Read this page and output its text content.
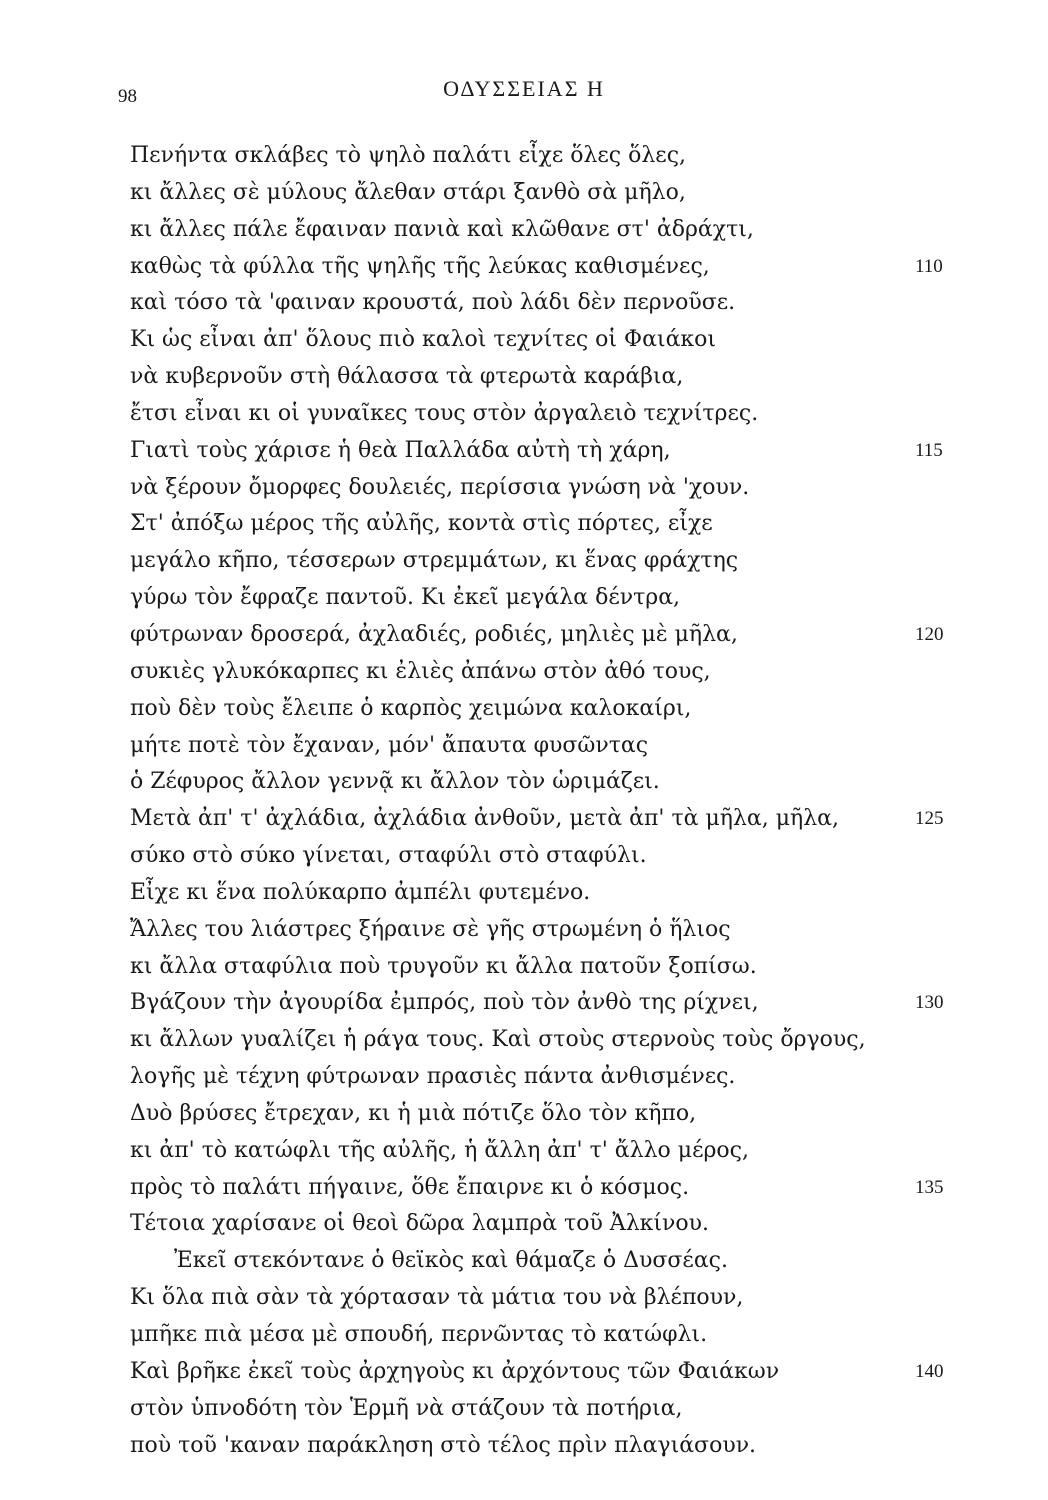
98	ΟΔΥΣΣΕΙΑΣ Η
Πενήντα σκλάβες τὸ ψηλὸ παλάτι εἶχε ὅλες ὅλες,
κι ἄλλες σὲ μύλους ἄλεθαν στάρι ξανθὸ σὰ μῆλο,
κι ἄλλες πάλε ἔφαιναν πανιὰ καὶ κλῶθανε στ' ἀδράχτι,
καθὼς τὰ φύλλα τῆς ψηλῆς τῆς λεύκας καθισμένες,	110
καὶ τόσο τὰ 'φαιναν κρουστά, ποὺ λάδι δὲν περνοῦσε.
Κι ὡς εἶναι ἀπ' ὅλους πιὸ καλοὶ τεχνίτες οἱ Φαιάκοι
νὰ κυβερνοῦν στὴ θάλασσα τὰ φτερωτὰ καράβια,
ἔτσι εἶναι κι οἱ γυναῖκες τους στὸν ἀργαλειὸ τεχνίτρες.
Γιατὶ τοὺς χάρισε ἡ θεὰ Παλλάδα αὐτὴ τὴ χάρη,	115
νὰ ξέρουν ὄμορφες δουλειές, περίσσια γνώση νὰ 'χουν.
Στ' ἀπόξω μέρος τῆς αὐλῆς, κοντὰ στὶς πόρτες, εἶχε
μεγάλο κῆπο, τέσσερων στρεμμάτων, κι ἕνας φράχτης
γύρω τὸν ἔφραζε παντοῦ. Κι ἐκεῖ μεγάλα δέντρα,
φύτρωναν δροσερά, ἀχλαδιές, ροδιές, μηλιὲς μὲ μῆλα,	120
συκιὲς γλυκόκαρπες κι ἐλιὲς ἀπάνω στὸν ἀθό τους,
ποὺ δὲν τοὺς ἔλειπε ὁ καρπὸς χειμώνα καλοκαίρι,
μήτε ποτὲ τὸν ἔχαναν, μόν' ἄπαυτα φυσῶντας
ὁ Ζέφυρος ἄλλον γεννᾷ κι ἄλλον τὸν ὡριμάζει.
Μετὰ ἀπ' τ' ἀχλάδια, ἀχλάδια ἀνθοῦν, μετὰ ἀπ' τὰ μῆλα, μῆλα,	125
σύκο στὸ σύκο γίνεται, σταφύλι στὸ σταφύλι.
Εἶχε κι ἕνα πολύκαρπο ἀμπέλι φυτεμένο.
Ἄλλες του λιάστρες ξήραινε σὲ γῆς στρωμένη ὁ ἥλιος
κι ἄλλα σταφύλια ποὺ τρυγοῦν κι ἄλλα πατοῦν ξοπίσω.
Βγάζουν τὴν ἀγουρίδα ἐμπρός, ποὺ τὸν ἀνθὸ της ρίχνει,	130
κι ἄλλων γυαλίζει ἡ ράγα τους. Καὶ στοὺς στερνοὺς τοὺς ὄργους,
λογῆς μὲ τέχνη φύτρωναν πρασιὲς πάντα ἀνθισμένες.
Δυὸ βρύσες ἔτρεχαν, κι ἡ μιὰ πότιζε ὅλο τὸν κῆπο,
κι ἀπ' τὸ κατώφλι τῆς αὐλῆς, ἡ ἄλλη ἀπ' τ' ἄλλο μέρος,
πρὸς τὸ παλάτι πήγαινε, ὅθε ἔπαιρνε κι ὁ κόσμος.	135
Τέτοια χαρίσανε οἱ θεοὶ δῶρα λαμπρὰ τοῦ Ἀλκίνου.
Ἐκεῖ στεκόντανε ὁ θεϊκὸς καὶ θάμαζε ὁ Δυσσέας.
Κι ὅλα πιὰ σὰν τὰ χόρτασαν τὰ μάτια του νὰ βλέπουν,
μπῆκε πιὰ μέσα μὲ σπουδή, περνῶντας τὸ κατώφλι.
Καὶ βρῆκε ἐκεῖ τοὺς ἀρχηγοὺς κι ἀρχόντους τῶν Φαιάκων	140
στὸν ὑπνοδότη τὸν Ἑρμῆ νὰ στάζουν τὰ ποτήρια,
ποὺ τοῦ 'καναν παράκληση στὸ τέλος πρὶν πλαγιάσουν.
